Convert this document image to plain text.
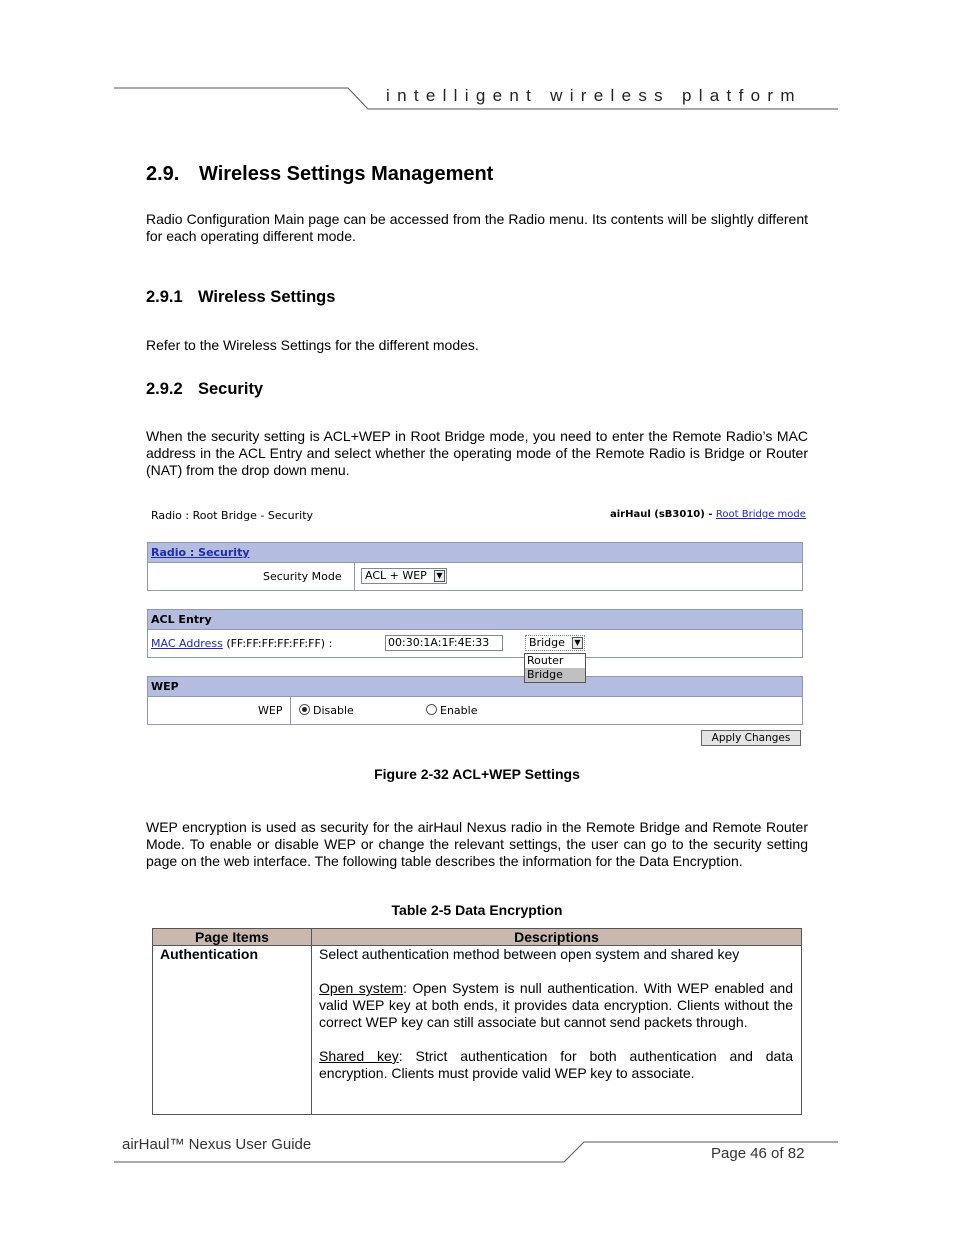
intelligent wireless platform
2.9. Wireless Settings Management

Radio Configuration Main page can be accessed from the Radio menu. Its contents will be slightly different for each operating different mode.

2.9.1 Wireless Settings

Refer to the Wireless Settings for the different modes.

2.9.2 Security

When the security setting is ACL+WEP in Root Bridge mode, you need to enter the Remote Radio’s MAC address in the ACL Entry and select whether the operating mode of the Remote Radio is Bridge or Router (NAT) from the drop down menu.

Radio : Root Bridge - Security	airHaul (sB3010) - Root Bridge mode
Radio : Security
Security Mode	ACL + WEP	▼
ACL Entry
MAC Address (FF:FF:FF:FF:FF:FF) :	00:30:1A:1F:4E:33	Bridge	▼
Router
Bridge
WEP
WEP	Disable	Enable
Apply Changes
Figure 2-32 ACL+WEP Settings

WEP encryption is used as security for the airHaul Nexus radio in the Remote Bridge and Remote Router Mode. To enable or disable WEP or change the relevant settings, the user can go to the security setting page on the web interface. The following table describes the information for the Data Encryption.

Table 2-5 Data Encryption
Page Items	Descriptions

Authentication	Select authentication method between open system and shared key

Open system: Open System is null authentication. With WEP enabled and valid WEP key at both ends, it provides data encryption. Clients without the correct WEP key can still associate but cannot send packets through.

Shared key: Strict authentication for both authentication and data encryption. Clients must provide valid WEP key to associate.

airHaul™ Nexus User Guide
Page 46 of 82
